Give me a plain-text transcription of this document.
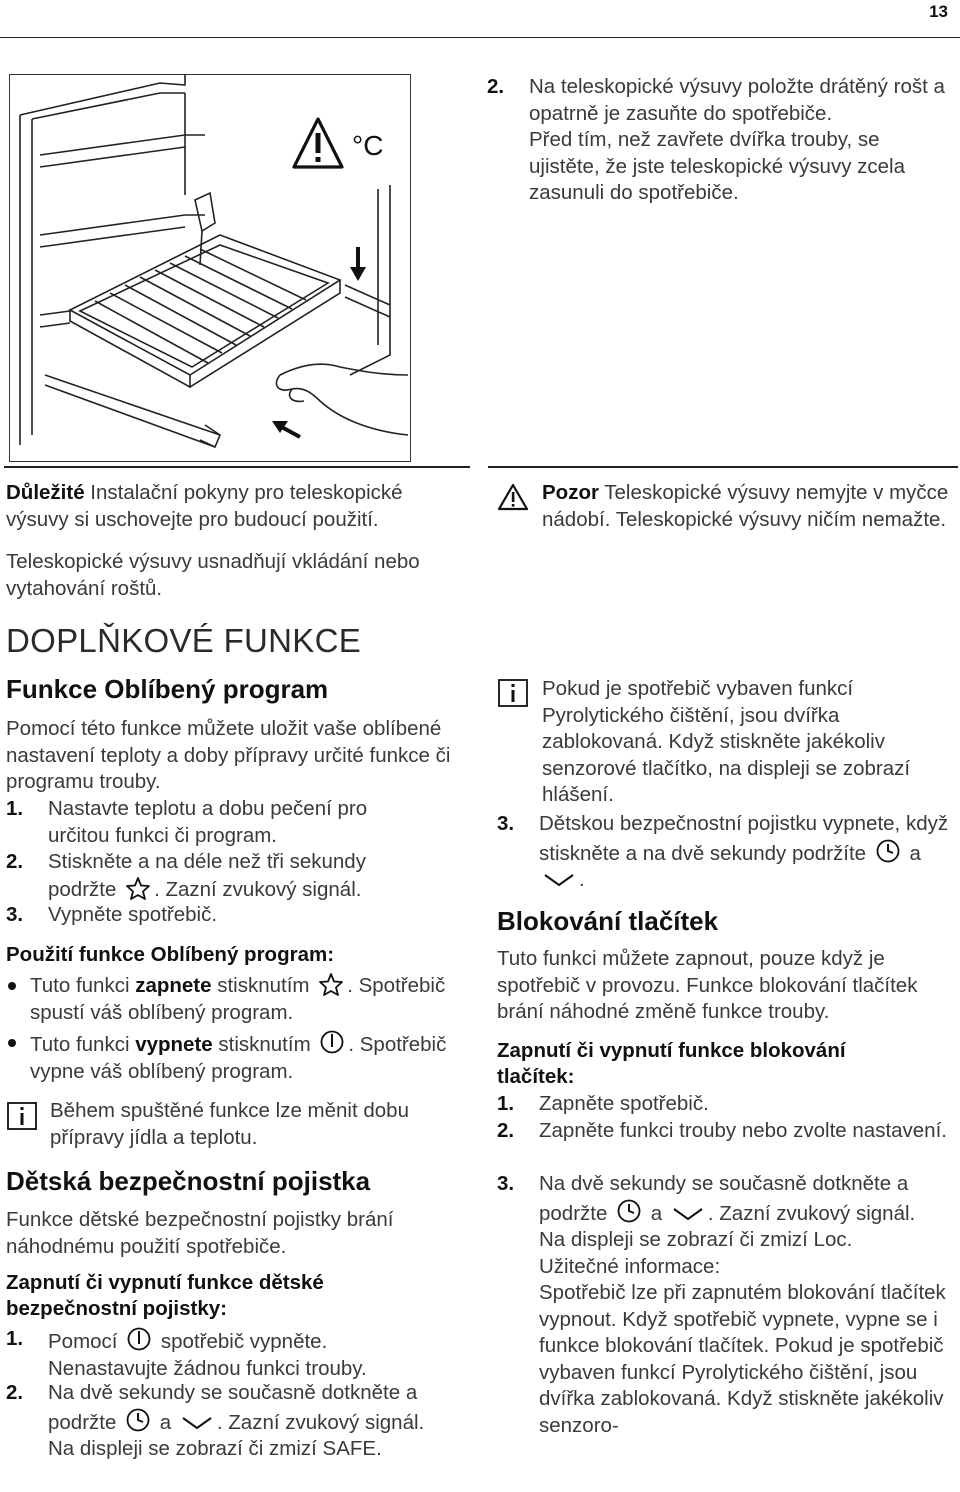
13
°C
2.	Na teleskopické výsuvy položte drátěný rošt a opatrně je zasuňte do spotřebiče.

Před tím, než zavřete dvířka trouby, se ujistěte, že jste teleskopické výsuvy zcela zasunuli do spotřebiče.

Důležité Instalační pokyny pro teleskopické výsuvy si uschovejte pro budoucí použití.

Teleskopické výsuvy usnadňují vkládání nebo vytahování roštů.

Pozor Teleskopické výsuvy nemyjte v myčce nádobí. Teleskopické výsuvy ničím nemažte.

DOPLŇKOVÉ FUNKCE
Funkce Oblíbený program

Pomocí této funkce můžete uložit vaše oblíbené nastavení teploty a doby přípravy určité funkce či programu trouby.

1.	Nastavte teplotu a dobu pečení pro určitou funkci či program.
2.	Stiskněte a na déle než tři sekundy podržte . Zazní zvukový signál.
3.	Vypněte spotřebič.
Použití funkce Oblíbený program:

Tuto funkci zapnete stisknutím . Spotřebič spustí váš oblíbený program.

Tuto funkci vypnete stisknutím . Spotřebič vypne váš oblíbený program.

Během spuštěné funkce lze měnit dobu přípravy jídla a teplotu.

Dětská bezpečnostní pojistka

Funkce dětské bezpečnostní pojistky brání náhodnému použití spotřebiče.

Zapnutí či vypnutí funkce dětské bezpečnostní pojistky:
1.	Pomocí  spotřebič vypněte. Nenastavujte žádnou funkci trouby.
2.	Na dvě sekundy se současně dotkněte a podržte  a . Zazní zvukový signál.

Na displeji se zobrazí či zmizí SAFE.

Pokud je spotřebič vybaven funkcí Pyrolytického čištění, jsou dvířka zablokovaná. Když stiskněte jakékoliv senzorové tlačítko, na displeji se zobrazí hlášení.

3.	Dětskou bezpečnostní pojistku vypnete, když stiskněte a na dvě sekundy podržíte  a .
Blokování tlačítek

Tuto funkci můžete zapnout, pouze když je spotřebič v provozu. Funkce blokování tlačítek brání náhodné změně funkce trouby.

Zapnutí či vypnutí funkce blokování tlačítek:
1.	Zapněte spotřebič.
2.	Zapněte funkci trouby nebo zvolte nastavení.
3.	Na dvě sekundy se současně dotkněte a podržte  a . Zazní zvukový signál.

Na displeji se zobrazí či zmizí Loc.

Užitečné informace:

Spotřebič lze při zapnutém blokování tlačítek vypnout. Když spotřebič vypnete, vypne se i funkce blokování tlačítek. Pokud je spotřebič vybaven funkcí Pyrolytického čištění, jsou dvířka zablokovaná. Když stiskněte jakékoliv senzoro-
